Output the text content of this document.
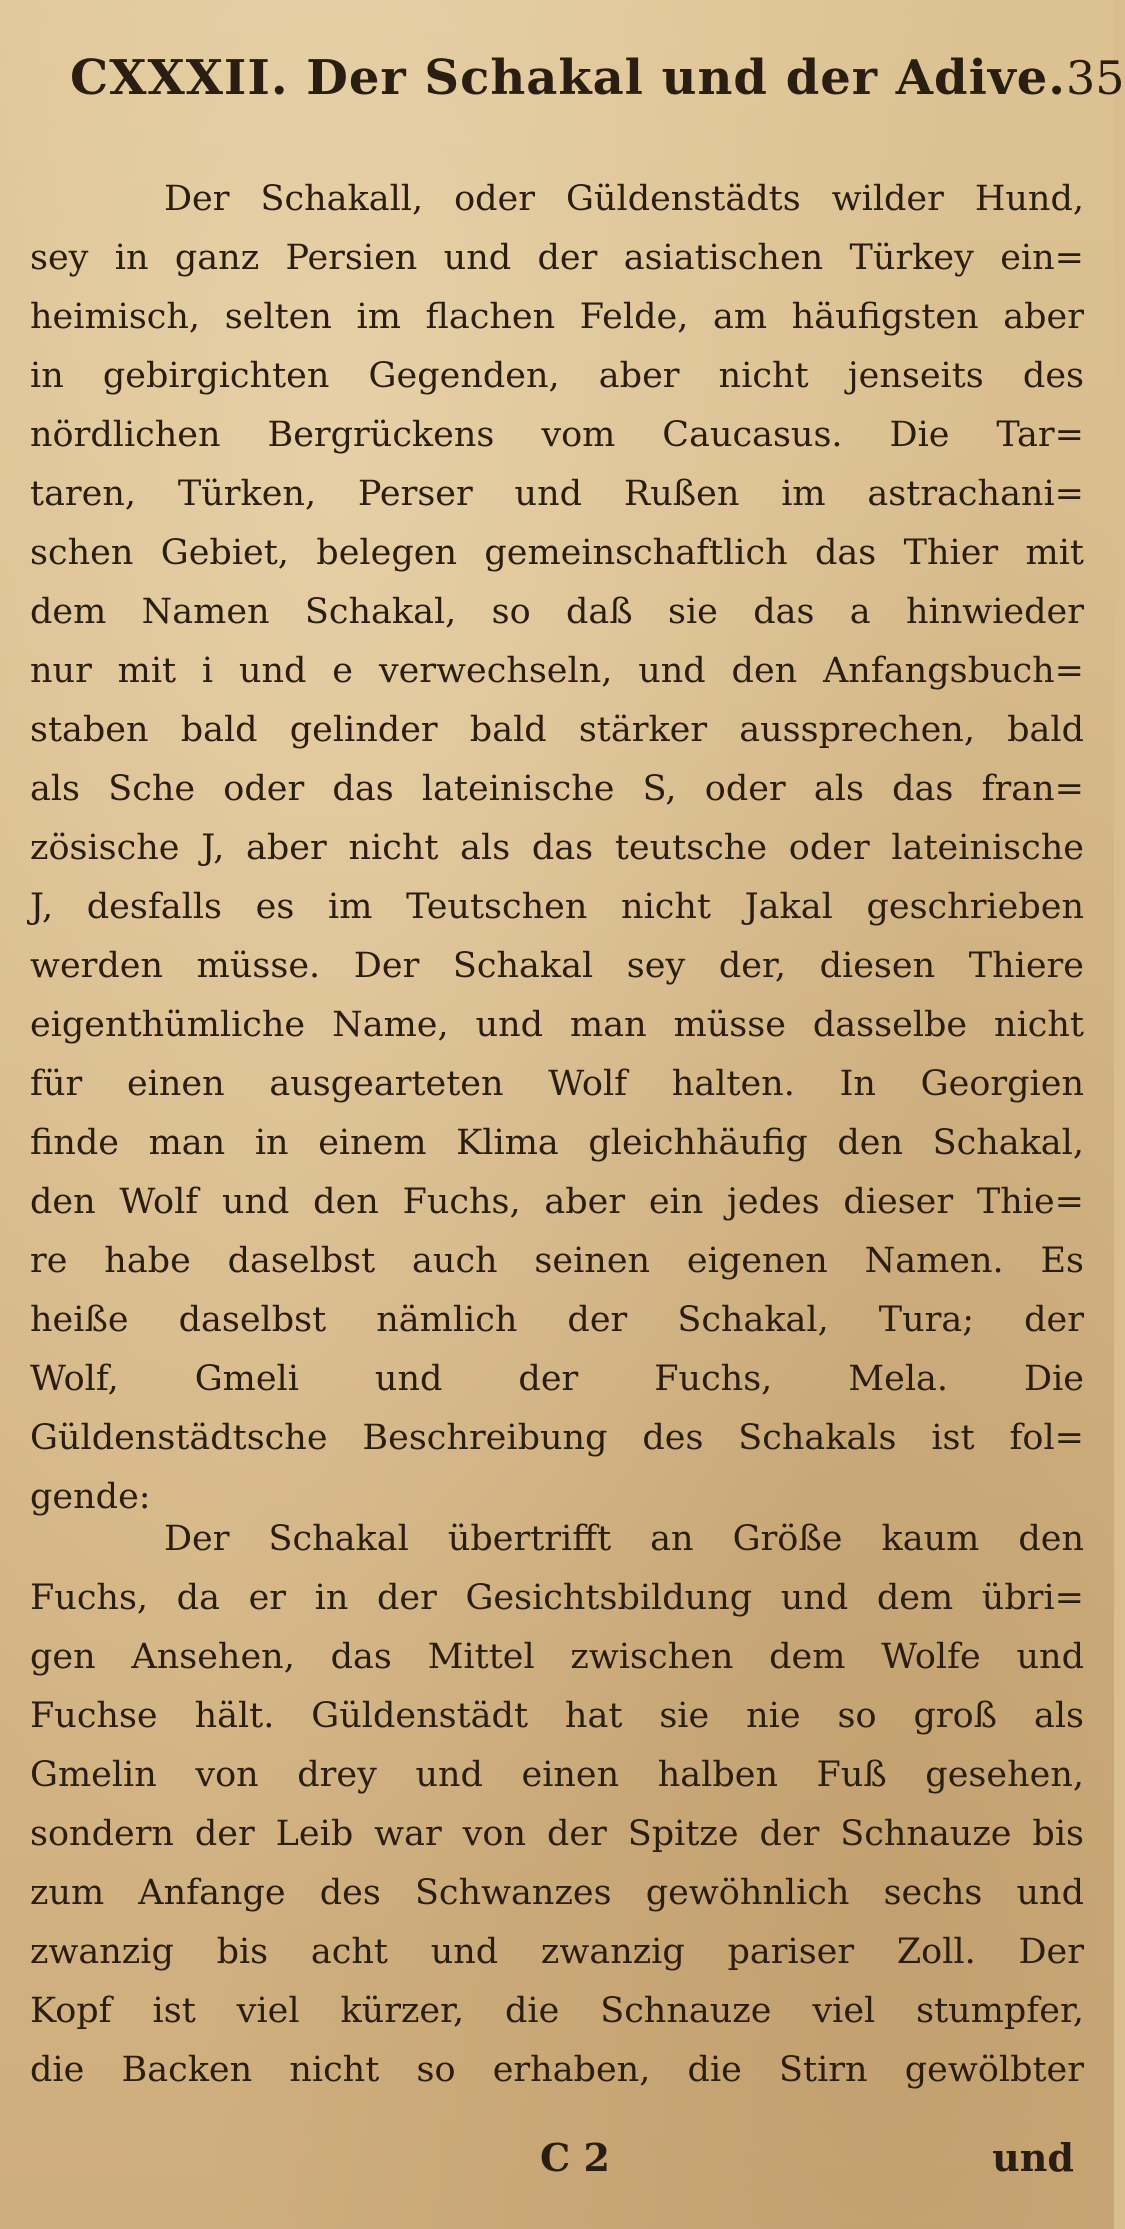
CXXXII. Der Schakal und der Adive. 35
Der Schakall, oder Güldenstädts wilder Hund,
sey in ganz Persien und der asiatischen Türkey ein=
heimisch, selten im flachen Felde, am häufigsten aber
in gebirgichten Gegenden, aber nicht jenseits des
nördlichen Bergrückens vom Caucasus. Die Tar=
taren, Türken, Perser und Rußen im astrachani=
schen Gebiet, belegen gemeinschaftlich das Thier mit
dem Namen Schakal, so daß sie das a hinwieder
nur mit i und e verwechseln, und den Anfangsbuch=
staben bald gelinder bald stärker aussprechen, bald
als Sche oder das lateinische S, oder als das fran=
zösische J, aber nicht als das teutsche oder lateinische
J, desfalls es im Teutschen nicht Jakal geschrieben
werden müsse. Der Schakal sey der, diesen Thiere
eigenthümliche Name, und man müsse dasselbe nicht
für einen ausgearteten Wolf halten. In Georgien
finde man in einem Klima gleichhäufig den Schakal,
den Wolf und den Fuchs, aber ein jedes dieser Thie=
re habe daselbst auch seinen eigenen Namen. Es
heiße daselbst nämlich der Schakal, Tura; der
Wolf, Gmeli und der Fuchs, Mela. Die
Güldenstädtsche Beschreibung des Schakals ist fol=
gende:
Der Schakal übertrifft an Größe kaum den
Fuchs, da er in der Gesichtsbildung und dem übri=
gen Ansehen, das Mittel zwischen dem Wolfe und
Fuchse hält. Güldenstädt hat sie nie so groß als
Gmelin von drey und einen halben Fuß gesehen,
sondern der Leib war von der Spitze der Schnauze bis
zum Anfange des Schwanzes gewöhnlich sechs und
zwanzig bis acht und zwanzig pariser Zoll. Der
Kopf ist viel kürzer, die Schnauze viel stumpfer,
die Backen nicht so erhaben, die Stirn gewölbter
C 2	und
